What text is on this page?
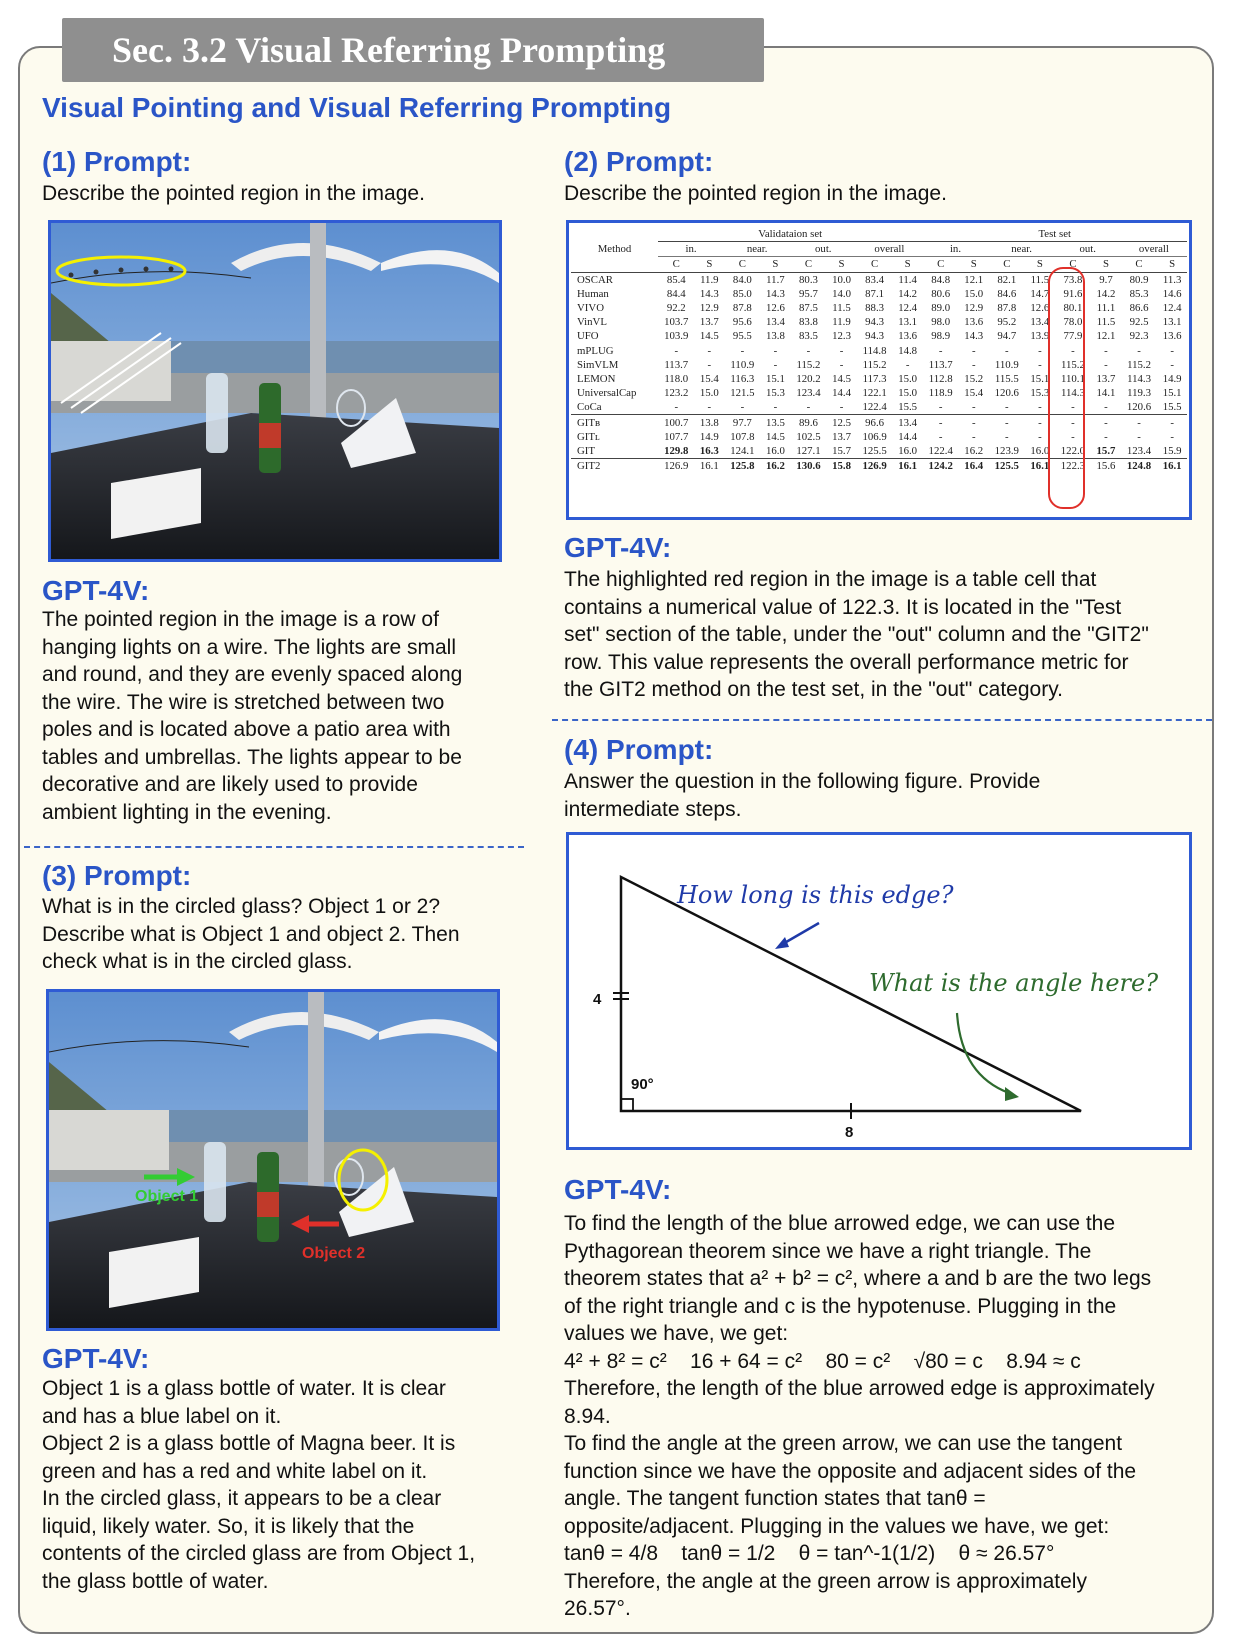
Sec. 3.2 Visual Referring Prompting
Visual Pointing and Visual Referring Prompting
(1) Prompt:
Describe the pointed region in the image.
GPT-4V:
The pointed region in the image is a row of
hanging lights on a wire. The lights are small
and round, and they are evenly spaced along
the wire. The wire is stretched between two
poles and is located above a patio area with
tables and umbrellas. The lights appear to be
decorative and are likely used to provide
ambient lighting in the evening.
(3) Prompt:
What is in the circled glass? Object 1 or 2?
Describe what is Object 1 and object 2. Then
check what is in the circled glass.
Object 1
Object 2
GPT-4V:
Object 1 is a glass bottle of water. It is clear
and has a blue label on it.
Object 2 is a glass bottle of Magna beer. It is
green and has a red and white label on it.
In the circled glass, it appears to be a clear
liquid, likely water. So, it is likely that the
contents of the circled glass are from Object 1,
the glass bottle of water.
(2) Prompt:
Describe the pointed region in the image.
Method	Validataion set								Test set							
	in.		near.		out.		overall		in.		near.		out.		overall	
	C	S	C	S	C	S	C	S	C	S	C	S	C	S	C	S
OSCAR	85.4	11.9	84.0	11.7	80.3	10.0	83.4	11.4	84.8	12.1	82.1	11.5	73.8	9.7	80.9	11.3
Human	84.4	14.3	85.0	14.3	95.7	14.0	87.1	14.2	80.6	15.0	84.6	14.7	91.6	14.2	85.3	14.6
VIVO	92.2	12.9	87.8	12.6	87.5	11.5	88.3	12.4	89.0	12.9	87.8	12.6	80.1	11.1	86.6	12.4
VinVL	103.7	13.7	95.6	13.4	83.8	11.9	94.3	13.1	98.0	13.6	95.2	13.4	78.0	11.5	92.5	13.1
UFO	103.9	14.5	95.5	13.8	83.5	12.3	94.3	13.6	98.9	14.3	94.7	13.9	77.9	12.1	92.3	13.6
mPLUG	-	-	-	-	-	-	114.8	14.8	-	-	-	-	-	-	-	-
SimVLM	113.7	-	110.9	-	115.2	-	115.2	-	113.7	-	110.9	-	115.2	-	115.2	-
LEMON	118.0	15.4	116.3	15.1	120.2	14.5	117.3	15.0	112.8	15.2	115.5	15.1	110.1	13.7	114.3	14.9
UniversalCap	123.2	15.0	121.5	15.3	123.4	14.4	122.1	15.0	118.9	15.4	120.6	15.3	114.3	14.1	119.3	15.1
CoCa	-	-	-	-	-	-	122.4	15.5	-	-	-	-	-	-	120.6	15.5
GITʙ	100.7	13.8	97.7	13.5	89.6	12.5	96.6	13.4	-	-	-	-	-	-	-	-
GITʟ	107.7	14.9	107.8	14.5	102.5	13.7	106.9	14.4	-	-	-	-	-	-	-	-
GIT	129.8	16.3	124.1	16.0	127.1	15.7	125.5	16.0	122.4	16.2	123.9	16.0	122.0	15.7	123.4	15.9
GIT2	126.9	16.1	125.8	16.2	130.6	15.8	126.9	16.1	124.2	16.4	125.5	16.1	122.3	15.6	124.8	16.1
GPT-4V:
The highlighted red region in the image is a table cell that
contains a numerical value of 122.3. It is located in the "Test
set" section of the table, under the "out" column and the "GIT2"
row. This value represents the overall performance metric for
the GIT2 method on the test set, in the "out" category.
(4) Prompt:
Answer the question in the following figure. Provide
intermediate steps.
4
8
90°
How long is this edge?
What is the angle here?
GPT-4V:
To find the length of the blue arrowed edge, we can use the
Pythagorean theorem since we have a right triangle. The
theorem states that a² + b² = c², where a and b are the two legs
of the right triangle and c is the hypotenuse. Plugging in the
values we have, we get:
4² + 8² = c²    16 + 64 = c²    80 = c²    √80 = c    8.94 ≈ c
Therefore, the length of the blue arrowed edge is approximately
8.94.
To find the angle at the green arrow, we can use the tangent
function since we have the opposite and adjacent sides of the
angle. The tangent function states that tanθ =
opposite/adjacent. Plugging in the values we have, we get:
tanθ = 4/8    tanθ = 1/2    θ = tan^-1(1/2)    θ ≈ 26.57°
Therefore, the angle at the green arrow is approximately
26.57°.
